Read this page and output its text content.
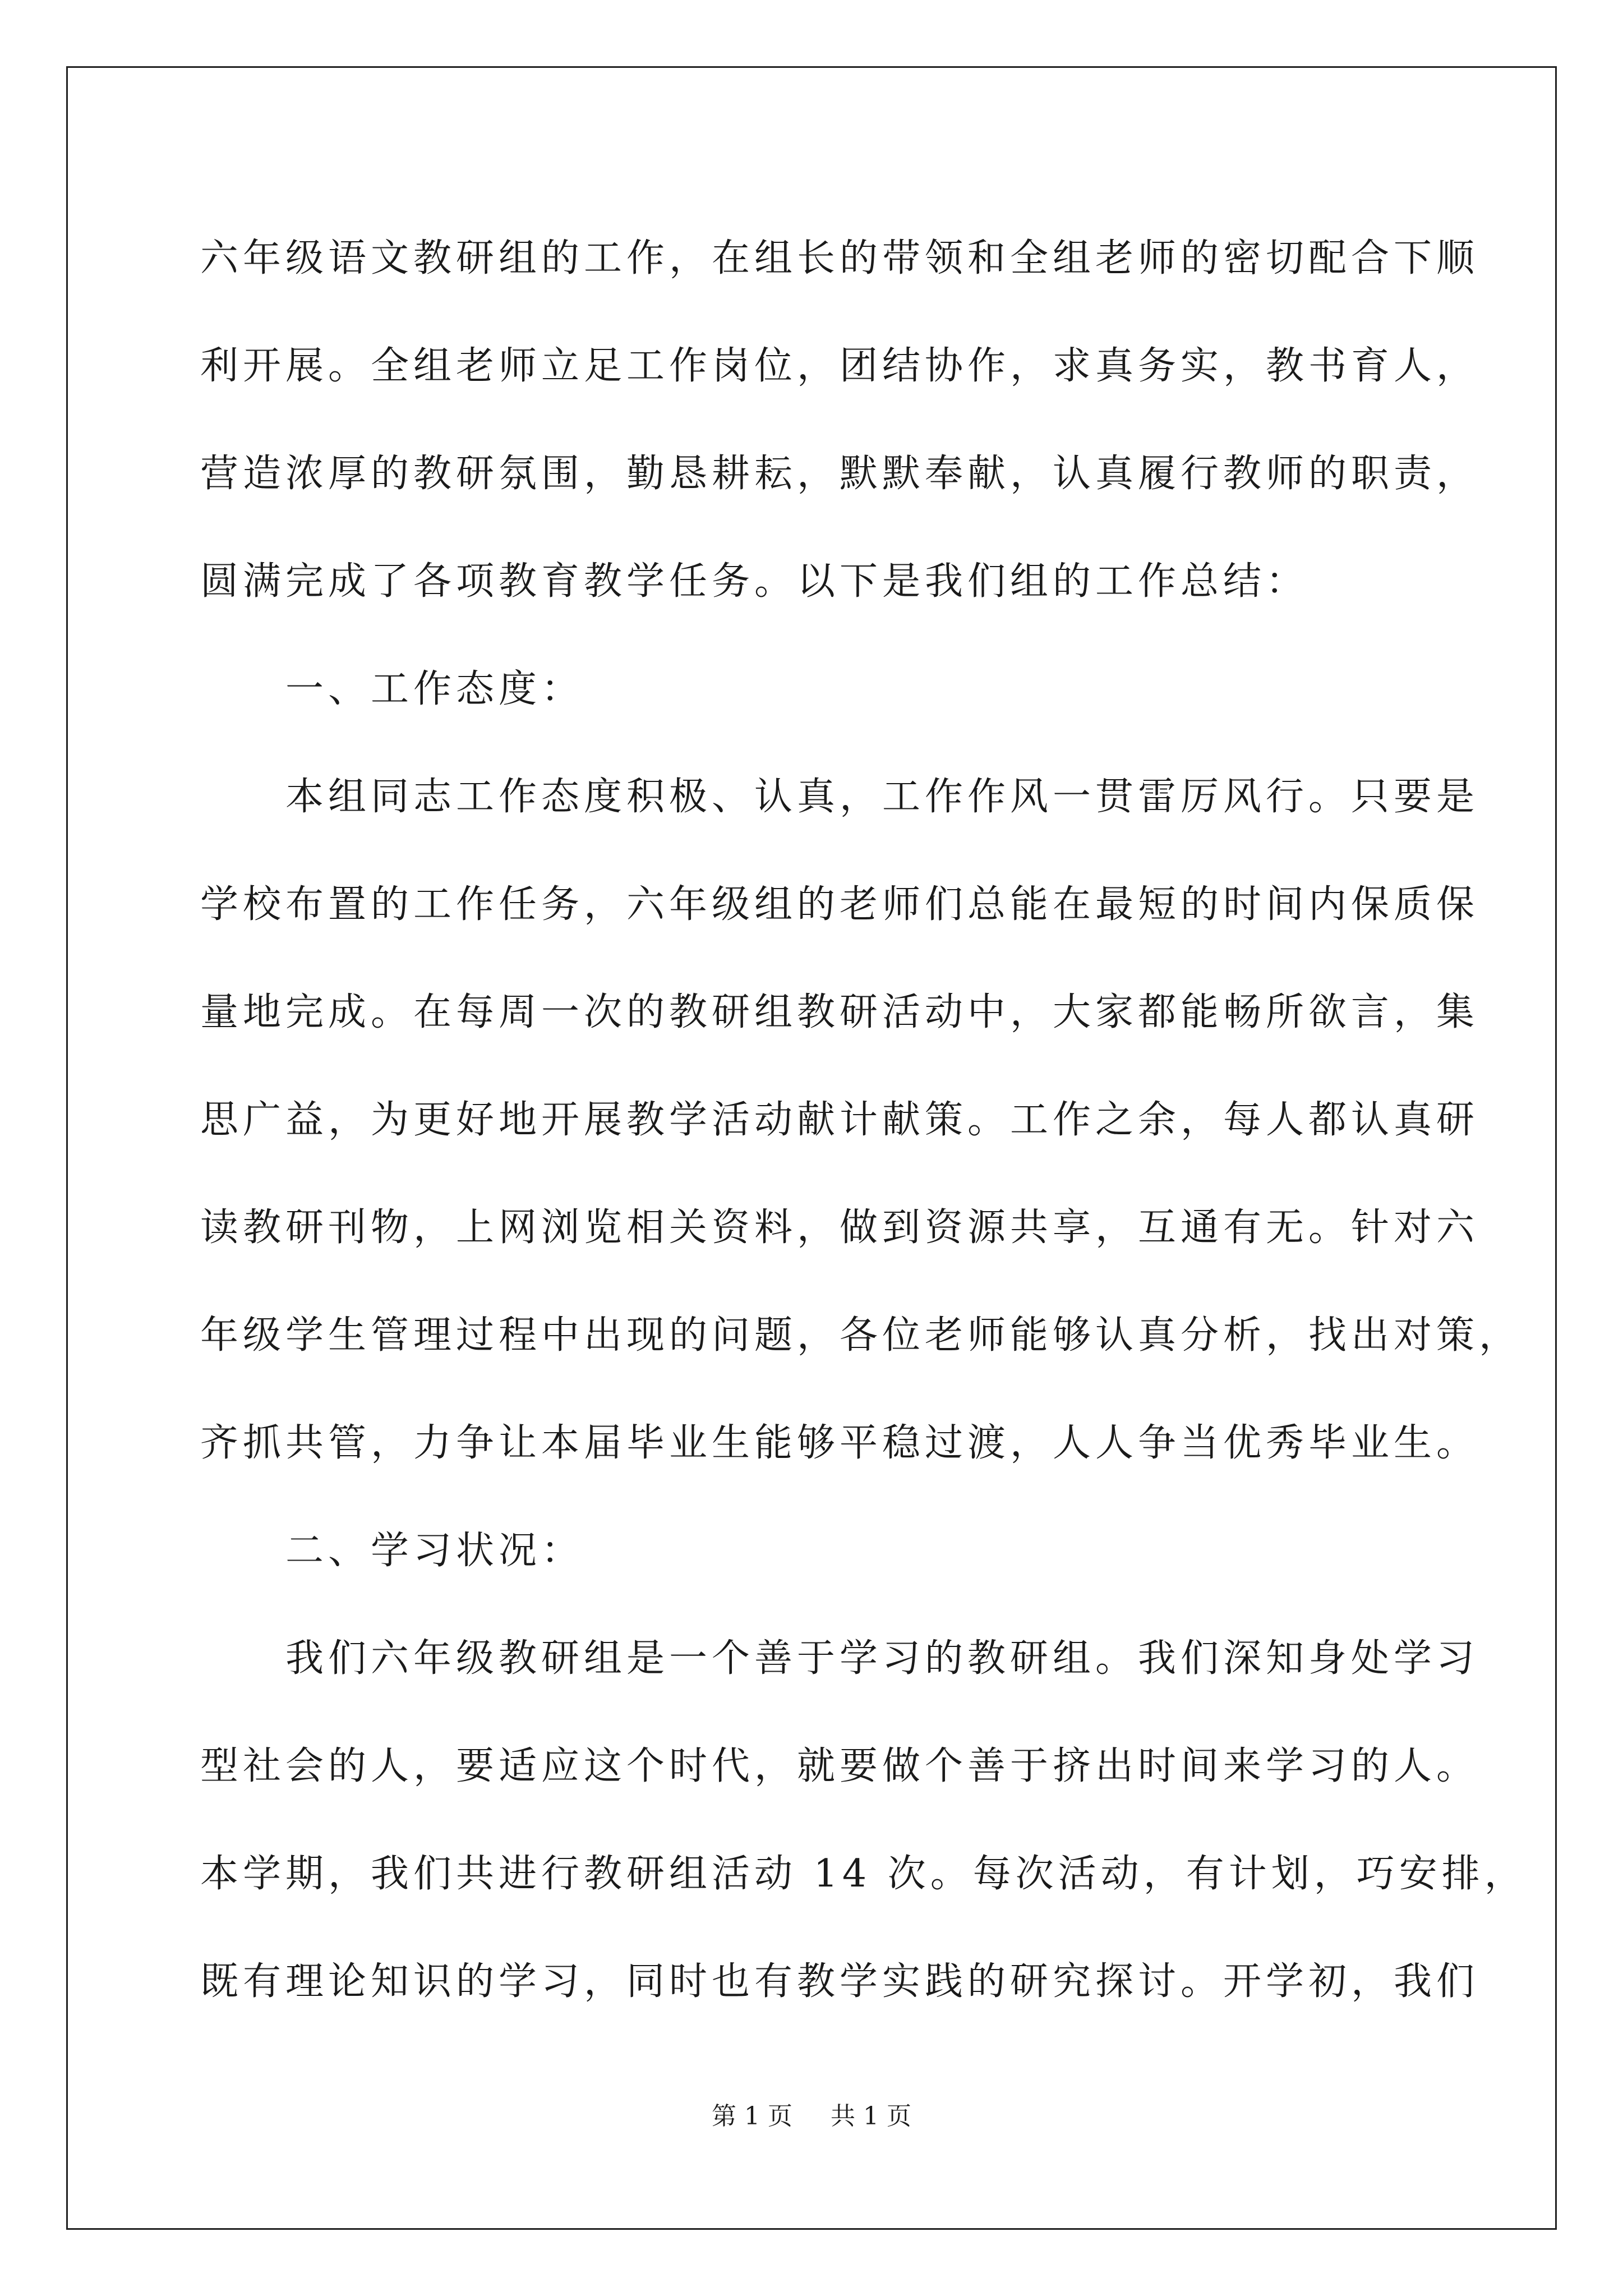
六年级语文教研组的工作，在组长的带领和全组老师的密切配合下顺
利开展。全组老师立足工作岗位，团结协作，求真务实，教书育人，
营造浓厚的教研氛围，勤恳耕耘，默默奉献，认真履行教师的职责，
圆满完成了各项教育教学任务。以下是我们组的工作总结：
一、工作态度：
本组同志工作态度积极、认真，工作作风一贯雷厉风行。只要是
学校布置的工作任务，六年级组的老师们总能在最短的时间内保质保
量地完成。在每周一次的教研组教研活动中，大家都能畅所欲言，集
思广益，为更好地开展教学活动献计献策。工作之余，每人都认真研
读教研刊物，上网浏览相关资料，做到资源共享，互通有无。针对六
年级学生管理过程中出现的问题，各位老师能够认真分析，找出对策，
齐抓共管，力争让本届毕业生能够平稳过渡，人人争当优秀毕业生。
二、学习状况：
我们六年级教研组是一个善于学习的教研组。我们深知身处学习
型社会的人，要适应这个时代，就要做个善于挤出时间来学习的人。
本学期，我们共进行教研组活动 14 次。每次活动，有计划，巧安排，
既有理论知识的学习，同时也有教学实践的研究探讨。开学初，我们
第 1 页 共 1 页
